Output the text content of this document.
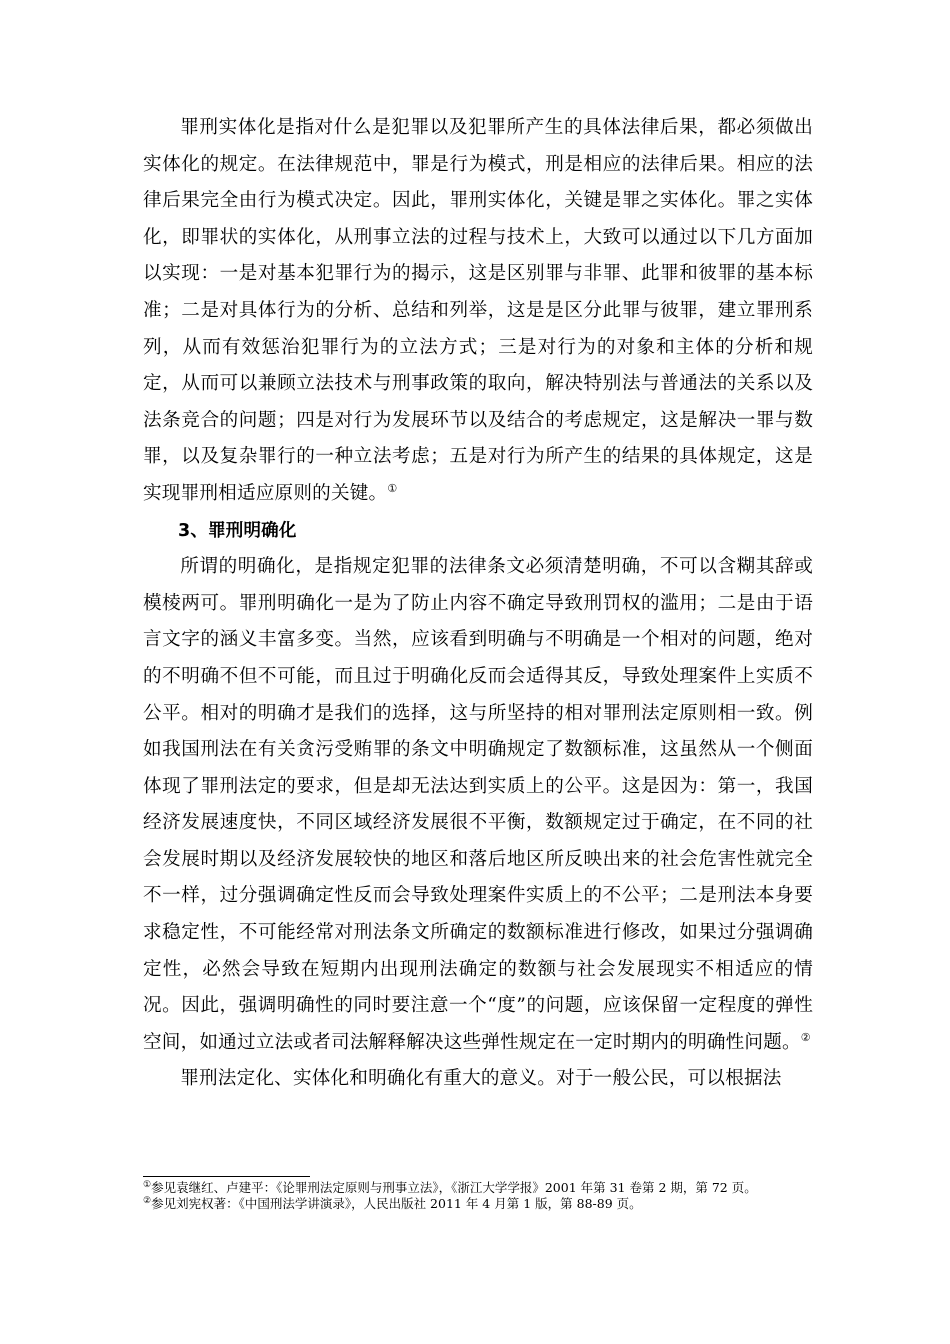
罪刑实体化是指对什么是犯罪以及犯罪所产生的具体法律后果，都必须做出实体化的规定。在法律规范中，罪是行为模式，刑是相应的法律后果。相应的法律后果完全由行为模式决定。因此，罪刑实体化，关键是罪之实体化。罪之实体化，即罪状的实体化，从刑事立法的过程与技术上，大致可以通过以下几方面加以实现：一是对基本犯罪行为的揭示，这是区别罪与非罪、此罪和彼罪的基本标准；二是对具体行为的分析、总结和列举，这是是区分此罪与彼罪，建立罪刑系列，从而有效惩治犯罪行为的立法方式；三是对行为的对象和主体的分析和规定，从而可以兼顾立法技术与刑事政策的取向，解决特别法与普通法的关系以及法条竞合的问题；四是对行为发展环节以及结合的考虑规定，这是解决一罪与数罪，以及复杂罪行的一种立法考虑；五是对行为所产生的结果的具体规定，这是实现罪刑相适应原则的关键。①

3、罪刑明确化

所谓的明确化，是指规定犯罪的法律条文必须清楚明确，不可以含糊其辞或模棱两可。罪刑明确化一是为了防止内容不确定导致刑罚权的滥用；二是由于语言文字的涵义丰富多变。当然，应该看到明确与不明确是一个相对的问题，绝对的不明确不但不可能，而且过于明确化反而会适得其反，导致处理案件上实质不公平。相对的明确才是我们的选择，这与所坚持的相对罪刑法定原则相一致。例如我国刑法在有关贪污受贿罪的条文中明确规定了数额标准，这虽然从一个侧面体现了罪刑法定的要求，但是却无法达到实质上的公平。这是因为：第一，我国经济发展速度快，不同区域经济发展很不平衡，数额规定过于确定，在不同的社会发展时期以及经济发展较快的地区和落后地区所反映出来的社会危害性就完全不一样，过分强调确定性反而会导致处理案件实质上的不公平；二是刑法本身要求稳定性，不可能经常对刑法条文所确定的数额标准进行修改，如果过分强调确定性，必然会导致在短期内出现刑法确定的数额与社会发展现实不相适应的情况。因此，强调明确性的同时要注意一个“度”的问题，应该保留一定程度的弹性空间，如通过立法或者司法解释解决这些弹性规定在一定时期内的明确性问题。②

罪刑法定化、实体化和明确化有重大的意义。对于一般公民，可以根据法

①参见袁继红、卢建平：《论罪刑法定原则与刑事立法》，《浙江大学学报》2001 年第 31 卷第 2 期，第 72 页。

②参见刘宪权著：《中国刑法学讲演录》，人民出版社 2011 年 4 月第 1 版，第 88-89 页。
